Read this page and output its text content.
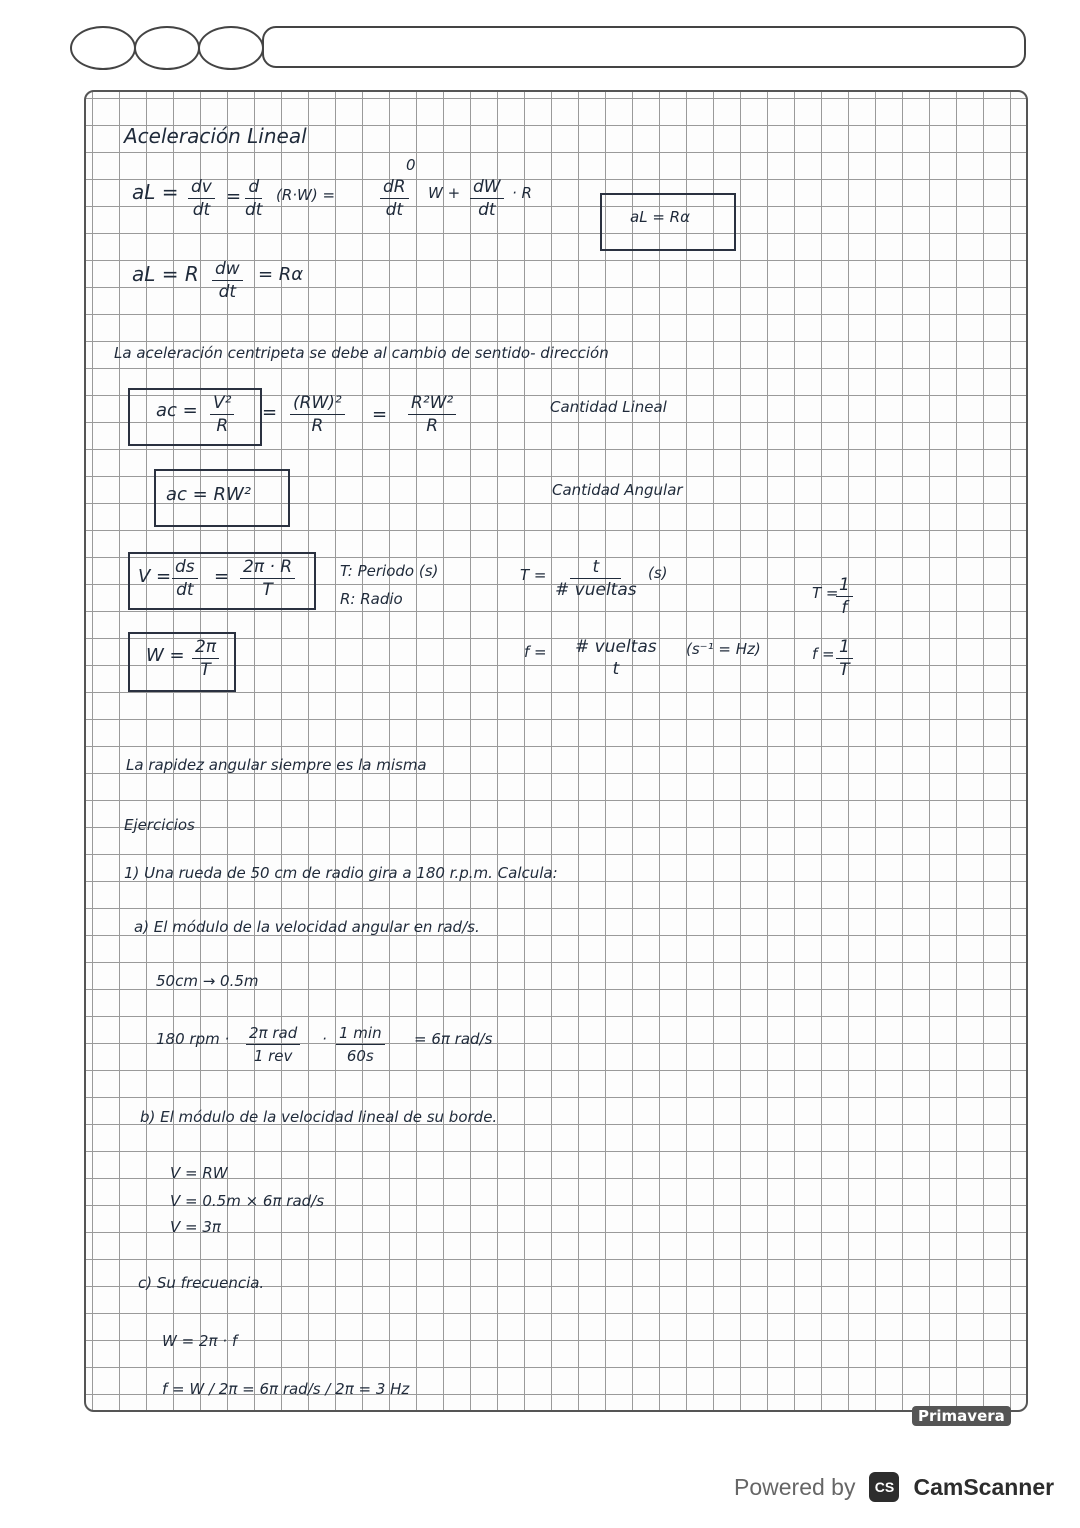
Aceleración Lineal
aL = $\frac{dv}{dt} = \frac{d}{dt} (R\cdot W)$ =
0
$\frac{dR}{dt}$ $W + \frac{dW}{dt} \cdot R$
aL = Rα
aL = R $\frac{dw}{dt} = R\alpha$
La aceleración centripeta se debe al cambio de sentido- dirección
ac = $\frac{\text{V²}}{R} = \frac{\text{(RW)²}}{R} = \frac{\text{R²W²}}{R}$	Cantidad Lineal
ac = RW²	Cantidad Angular
$V = \frac{ds}{dt} = \frac{2\pi \cdot R}{T}$	T: Periodo (s)
R: Radio
T =	t
# vueltas
(s)
T =
$\frac{1}{f}$
$W = \frac{2\pi}{T}$	f = # vueltas
t
(s⁻¹ = Hz)	$f = \frac{1}{T}$
La rapidez angular siempre es la misma
Ejercicios
1) Una rueda de 50 cm de radio gira a 180 r.p.m. Calcula:
a) El módulo de la velocidad angular en rad/s.
50cm → 0.5m
180 rpm · 2π rad
1 rev
· 1 min
60s
= 6π rad/s
b) El módulo de la velocidad lineal de su borde.
V = RW
V = 0.5m × 6π rad/s
V = 3π
c) Su frecuencia.
W = 2π · f
f = W / 2π = 6π rad/s / 2π = 3 Hz
Primavera
Powered by	CS CamScanner
